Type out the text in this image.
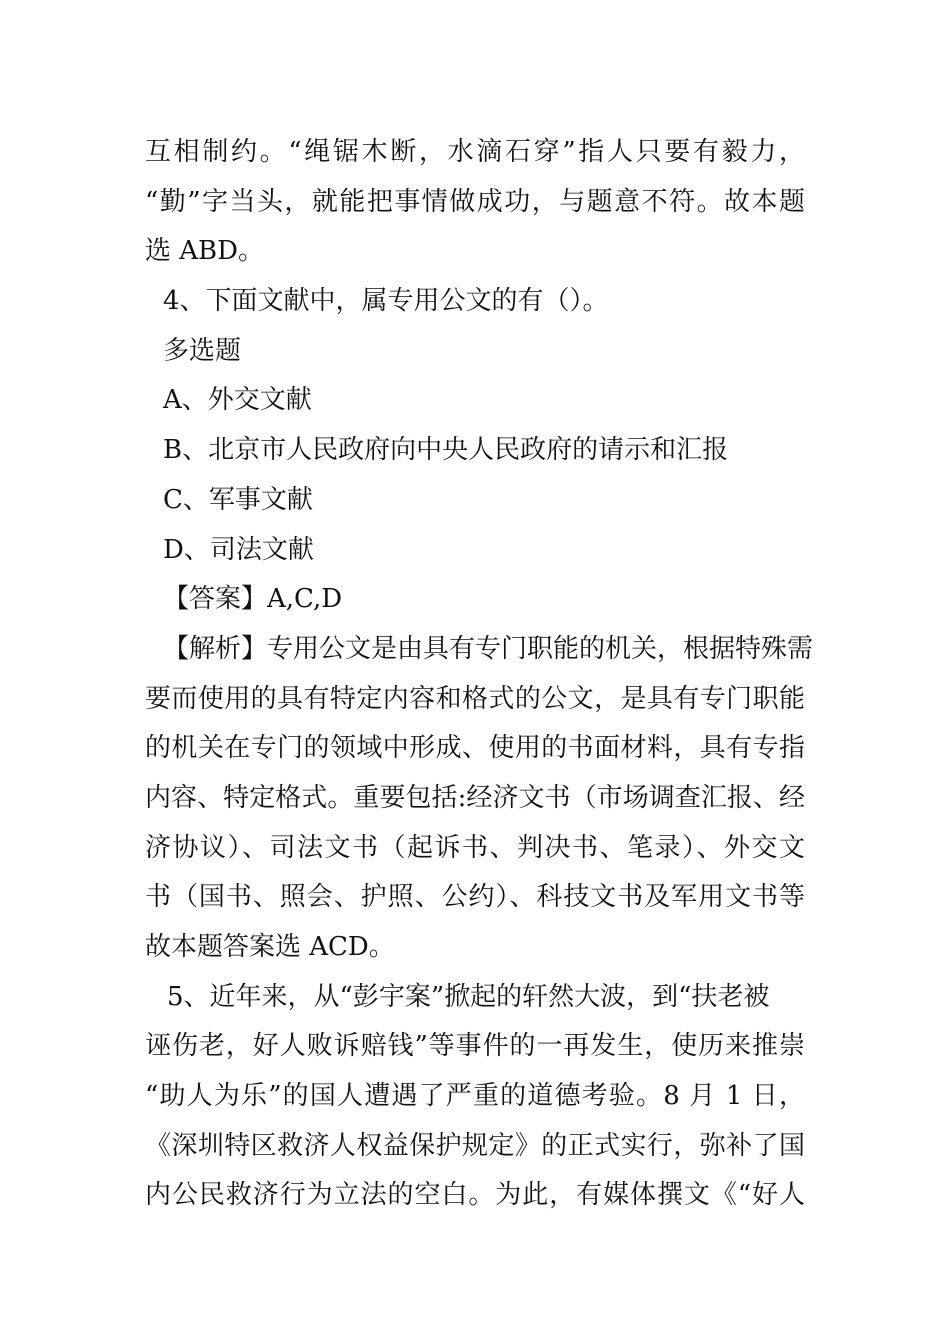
互相制约。“绳锯木断，水滴石穿”指人只要有毅力，
“勤”字当头，就能把事情做成功，与题意不符。故本题
选 ABD。
4、下面文献中，属专用公文的有（）。
多选题
A、外交文献
B、北京市人民政府向中央人民政府的请示和汇报
C、军事文献
D、司法文献
【答案】A,C,D
【解析】专用公文是由具有专门职能的机关，根据特殊需
要而使用的具有特定内容和格式的公文，是具有专门职能
的机关在专门的领域中形成、使用的书面材料，具有专指
内容、特定格式。重要包括:经济文书（市场调查汇报、经
济协议）、司法文书（起诉书、判决书、笔录）、外交文
书（国书、照会、护照、公约）、科技文书及军用文书等
故本题答案选 ACD。
5、近年来，从“彭宇案”掀起的轩然大波，到“扶老被
诬伤老，好人败诉赔钱”等事件的一再发生，使历来推崇
“助人为乐”的国人遭遇了严重的道德考验。8 月 1 日，
《深圳特区救济人权益保护规定》的正式实行，弥补了国
内公民救济行为立法的空白。为此，有媒体撰文《“好人
